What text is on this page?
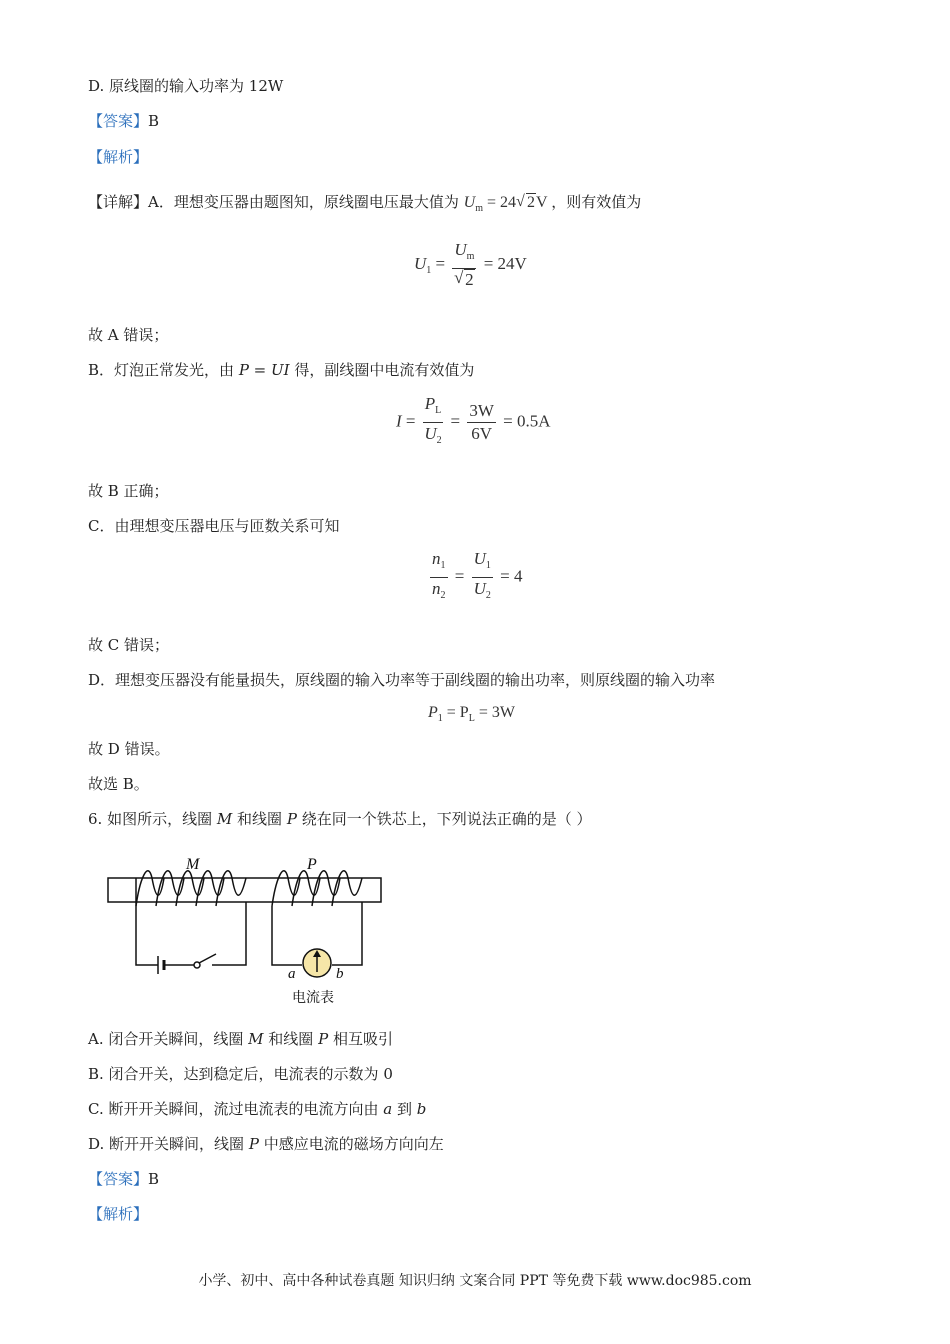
D. 原线圈的输入功率为 12W
【答案】B
【解析】
【详解】A．理想变压器由题图知，原线圈电压最大值为 $U_m = 24$ √ 2V ，则有效值为
$U_1 = \frac{U_m}{√ 2} = 24V$
故 A 错误；
B．灯泡正常发光，由 P = UI 得，副线圈中电流有效值为
$I = \frac{P_L}{U_2} = \frac{3W}{6V} = 0.5A$
故 B 正确；
C．由理想变压器电压与匝数关系可知
$\frac{n_1}{n_2} = \frac{U_1}{U_2} = 4$
故 C 错误；
D．理想变压器没有能量损失，原线圈的输入功率等于副线圈的输出功率，则原线圈的输入功率
$P_1 = P_L = 3W$
故 D 错误。
故选 B。
6. 如图所示，线圈 M 和线圈 P 绕在同一个铁芯上，下列说法正确的是（ ）
M	P
a	b
电流表
A. 闭合开关瞬间，线圈 M 和线圈 P 相互吸引
B. 闭合开关，达到稳定后，电流表的示数为 0
C. 断开开关瞬间，流过电流表的电流方向由 a 到 b
D. 断开开关瞬间，线圈 P 中感应电流的磁场方向向左
【答案】B
【解析】
小学、初中、高中各种试卷真题 知识归纳 文案合同 PPT 等免费下载 www.doc985.com
